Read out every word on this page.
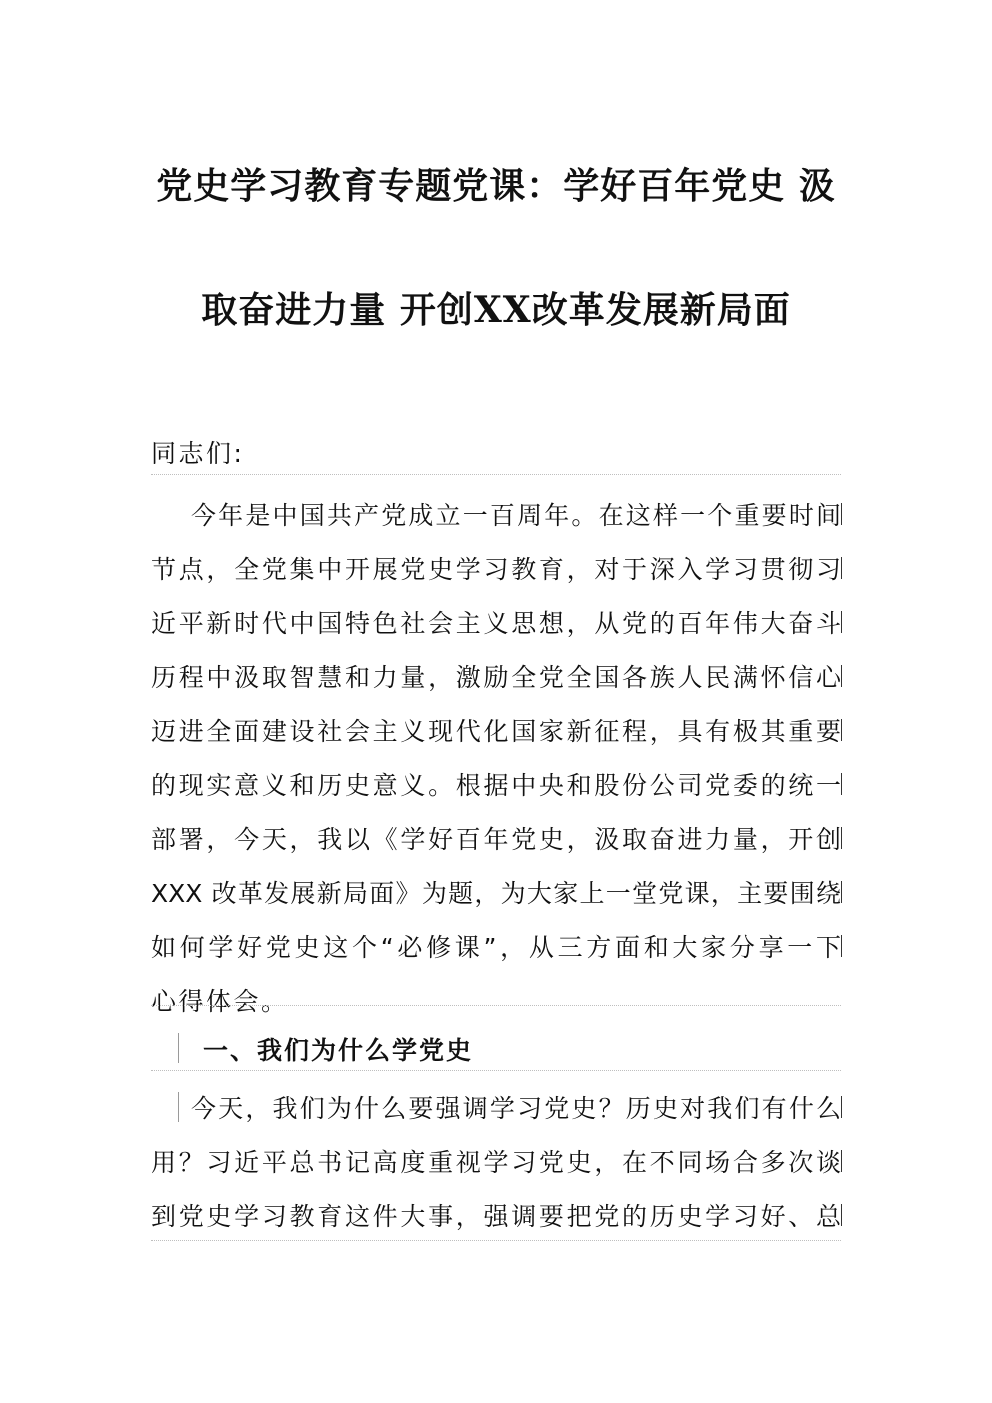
党史学习教育专题党课：学好百年党史 汲
取奋进力量 开创XX改革发展新局面
同志们:
今年是中国共产党成立一百周年。在这样一个重要时间
节点，全党集中开展党史学习教育，对于深入学习贯彻习
近平新时代中国特色社会主义思想，从党的百年伟大奋斗
历程中汲取智慧和力量，激励全党全国各族人民满怀信心
迈进全面建设社会主义现代化国家新征程，具有极其重要
的现实意义和历史意义。根据中央和股份公司党委的统一
部署，今天，我以《学好百年党史，汲取奋进力量，开创
XXX 改革发展新局面》为题，为大家上一堂党课，主要围绕
如何学好党史这个“必修课”，从三方面和大家分享一下
心得体会。
一、我们为什么学党史
今天，我们为什么要强调学习党史？历史对我们有什么
用？习近平总书记高度重视学习党史，在不同场合多次谈
到党史学习教育这件大事，强调要把党的历史学习好、总
